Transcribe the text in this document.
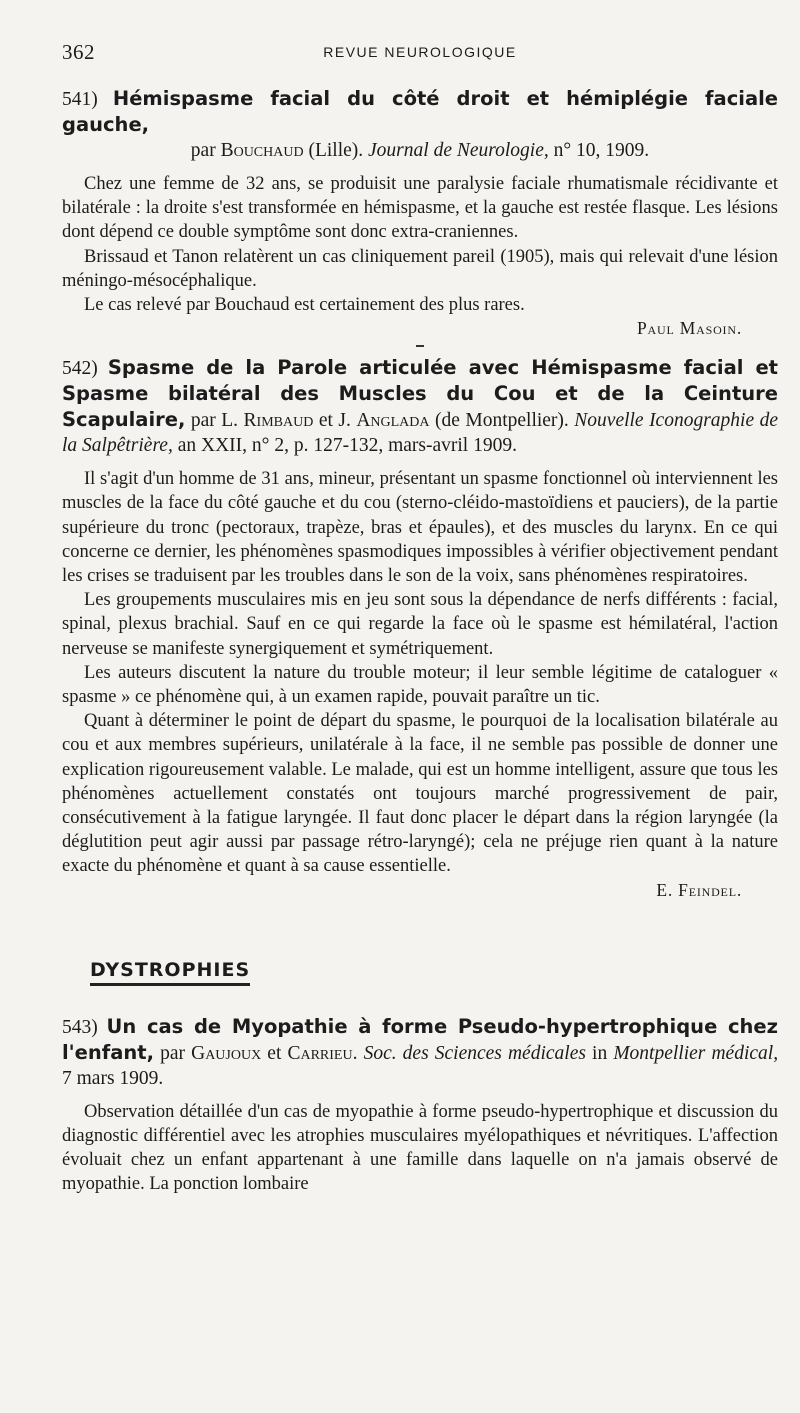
362	REVUE NEUROLOGIQUE
541) Hémispasme facial du côté droit et hémiplégie faciale gauche,
par Bouchaud (Lille). Journal de Neurologie, n° 10, 1909.

Chez une femme de 32 ans, se produisit une paralysie faciale rhumatismale récidivante et bilatérale : la droite s'est transformée en hémispasme, et la gauche est restée flasque. Les lésions dont dépend ce double symptôme sont donc extra-craniennes.

Brissaud et Tanon relatèrent un cas cliniquement pareil (1905), mais qui relevait d'une lésion méningo-mésocéphalique.

Le cas relevé par Bouchaud est certainement des plus rares.

Paul Masoin.
542) Spasme de la Parole articulée avec Hémispasme facial et Spasme bilatéral des Muscles du Cou et de la Ceinture Scapulaire, par L. Rimbaud et J. Anglada (de Montpellier). Nouvelle Iconographie de la Salpêtrière, an XXII, n° 2, p. 127-132, mars-avril 1909.

Il s'agit d'un homme de 31 ans, mineur, présentant un spasme fonctionnel où interviennent les muscles de la face du côté gauche et du cou (sterno-cléido-mastoïdiens et pauciers), de la partie supérieure du tronc (pectoraux, trapèze, bras et épaules), et des muscles du larynx. En ce qui concerne ce dernier, les phénomènes spasmodiques impossibles à vérifier objectivement pendant les crises se traduisent par les troubles dans le son de la voix, sans phénomènes respiratoires.

Les groupements musculaires mis en jeu sont sous la dépendance de nerfs différents : facial, spinal, plexus brachial. Sauf en ce qui regarde la face où le spasme est hémilatéral, l'action nerveuse se manifeste synergiquement et symétriquement.

Les auteurs discutent la nature du trouble moteur; il leur semble légitime de cataloguer « spasme » ce phénomène qui, à un examen rapide, pouvait paraître un tic.

Quant à déterminer le point de départ du spasme, le pourquoi de la localisation bilatérale au cou et aux membres supérieurs, unilatérale à la face, il ne semble pas possible de donner une explication rigoureusement valable. Le malade, qui est un homme intelligent, assure que tous les phénomènes actuellement constatés ont toujours marché progressivement de pair, consécutivement à la fatigue laryngée. Il faut donc placer le départ dans la région laryngée (la déglutition peut agir aussi par passage rétro-laryngé); cela ne préjuge rien quant à la nature exacte du phénomène et quant à sa cause essentielle.

E. Feindel.
DYSTROPHIES
543) Un cas de Myopathie à forme Pseudo-hypertrophique chez l'enfant, par Gaujoux et Carrieu. Soc. des Sciences médicales in Montpellier médical, 7 mars 1909.

Observation détaillée d'un cas de myopathie à forme pseudo-hypertrophique et discussion du diagnostic différentiel avec les atrophies musculaires myélopathiques et névritiques. L'affection évoluait chez un enfant appartenant à une famille dans laquelle on n'a jamais observé de myopathie. La ponction lombaire
